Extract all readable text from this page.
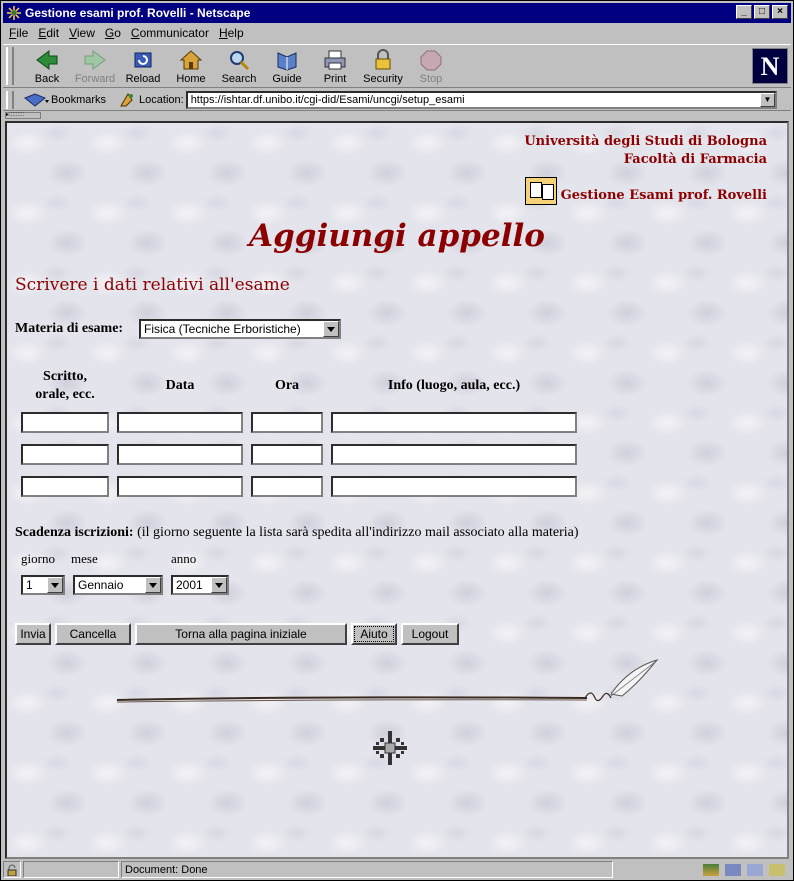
Gestione esami prof. Rovelli - Netscape	_	□	×
File Edit View Go Communicator Help
Back Forward Reload Home Search Guide Print Security Stop	N
Bookmarks	Location: https://ishtar.df.unibo.it/cgi-did/Esami/uncgi/setup_esami	▼
▸:::::::::
Università degli Studi di Bologna
Facoltà di Farmacia
Gestione Esami prof. Rovelli
Aggiungi appello
Scrivere i dati relativi all'esame
Materia di esame:	Fisica (Tecniche Erboristiche)
Scritto,
orale, ecc.
Data	Ora	Info (luogo, aula, ecc.)
Scadenza iscrizioni: (il giorno seguente la lista sarà spedita all'indirizzo mail associato alla materia)
giorno mese	anno
1	Gennaio	2001
Invia	Cancella	Torna alla pagina iniziale	Aiuto	Logout
Document: Done
